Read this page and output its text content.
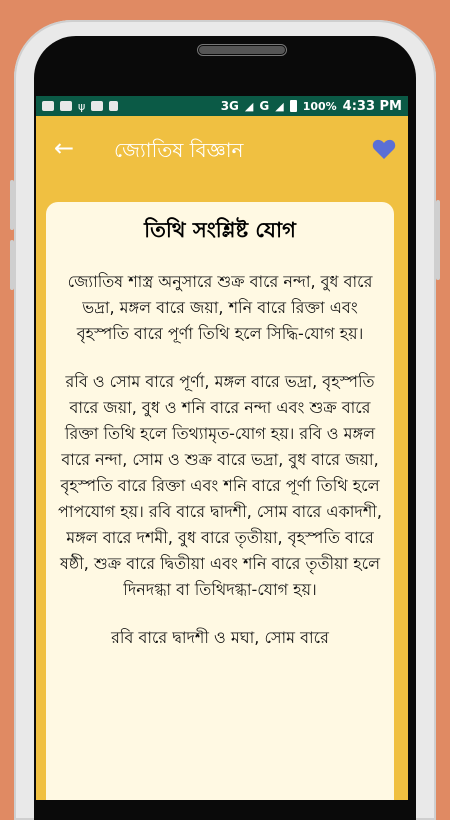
ψ	3G ◢ G ◢ 100% 4:33 PM
←	জ্যোতিষ বিজ্ঞান
তিথি সংশ্লিষ্ট যোগ

জ্যোতিষ শাস্ত্র অনুসারে শুক্র বারে নন্দা, বুধ বারে ভদ্রা, মঙ্গল বারে জয়া, শনি বারে রিক্তা এবং বৃহস্পতি বারে পূর্ণা তিথি হলে সিদ্ধি-যোগ হয়।

রবি ও সোম বারে পূর্ণা, মঙ্গল বারে ভদ্রা, বৃহস্পতি বারে জয়া, বুধ ও শনি বারে নন্দা এবং শুক্র বারে রিক্তা তিথি হলে তিথ্যামৃত-যোগ হয়। রবি ও মঙ্গল বারে নন্দা, সোম ও শুক্র বারে ভদ্রা, বুধ বারে জয়া, বৃহস্পতি বারে রিক্তা এবং শনি বারে পূর্ণা তিথি হলে পাপযোগ হয়। রবি বারে দ্বাদশী, সোম বারে একাদশী, মঙ্গল বারে দশমী, বুধ বারে তৃতীয়া, বৃহস্পতি বারে ষষ্ঠী, শুক্র বারে দ্বিতীয়া এবং শনি বারে তৃতীয়া হলে দিনদগ্ধা বা তিথিদগ্ধা-যোগ হয়।

রবি বারে দ্বাদশী ও মঘা, সোম বারে
